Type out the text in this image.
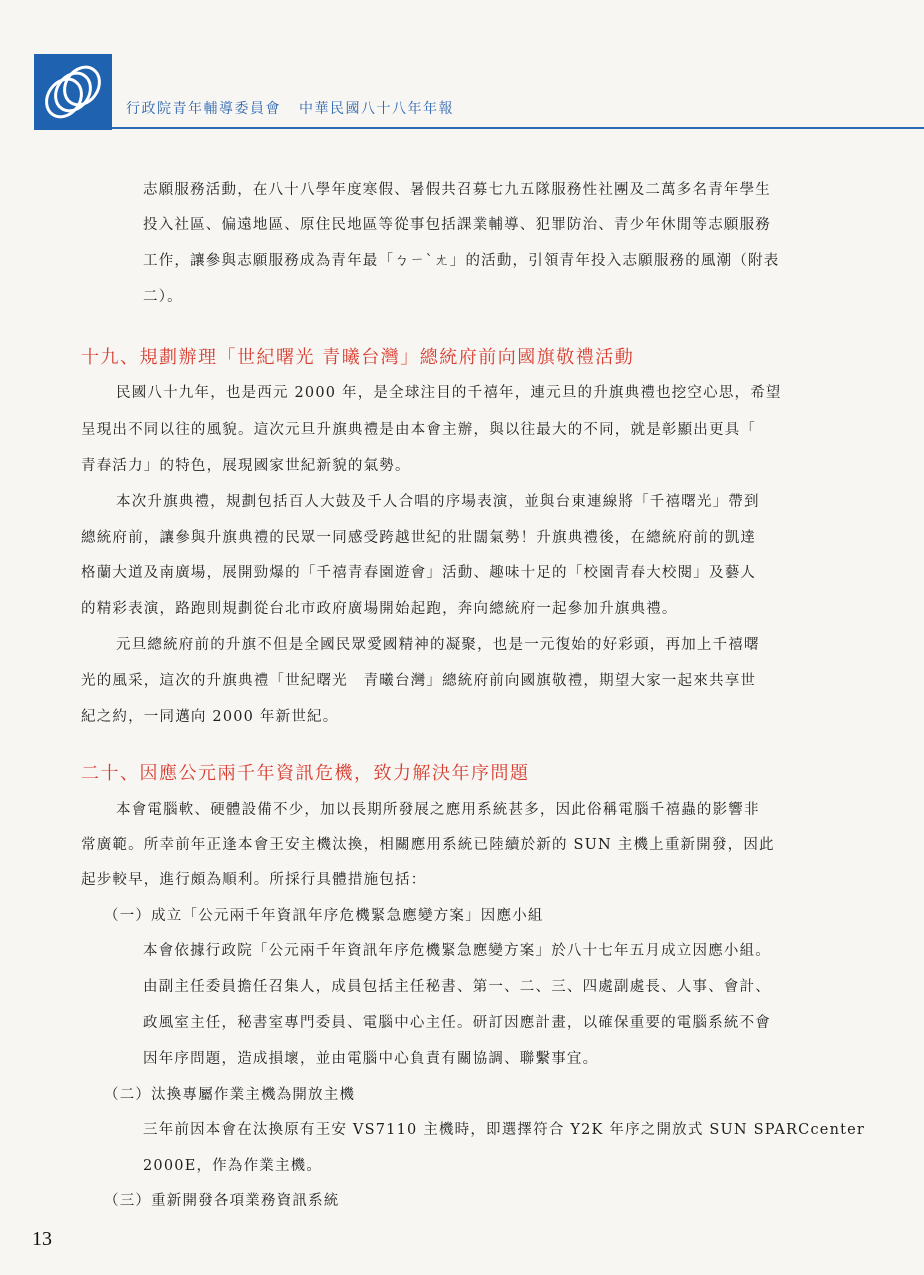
行政院青年輔導委員會 中華民國八十八年年報
志願服務活動，在八十八學年度寒假、暑假共召募七九五隊服務性社團及二萬多名青年學生
投入社區、偏遠地區、原住民地區等從事包括課業輔導、犯罪防治、青少年休閒等志願服務
工作，讓參與志願服務成為青年最「ㄅㄧˋㄤ」的活動，引領青年投入志願服務的風潮（附表
二）。
十九、規劃辦理「世紀曙光 青曦台灣」總統府前向國旗敬禮活動
民國八十九年，也是西元 2000 年，是全球注目的千禧年，連元旦的升旗典禮也挖空心思，希望
呈現出不同以往的風貌。這次元旦升旗典禮是由本會主辦，與以往最大的不同，就是彰顯出更具「
青春活力」的特色，展現國家世紀新貌的氣勢。
本次升旗典禮，規劃包括百人大鼓及千人合唱的序場表演，並與台東連線將「千禧曙光」帶到
總統府前，讓參與升旗典禮的民眾一同感受跨越世紀的壯闊氣勢！升旗典禮後，在總統府前的凱達
格蘭大道及南廣場，展開勁爆的「千禧青春園遊會」活動、趣味十足的「校園青春大校閱」及藝人
的精彩表演，路跑則規劃從台北市政府廣場開始起跑，奔向總統府一起參加升旗典禮。
元旦總統府前的升旗不但是全國民眾愛國精神的凝聚，也是一元復始的好彩頭，再加上千禧曙
光的風采，這次的升旗典禮「世紀曙光　青曦台灣」總統府前向國旗敬禮，期望大家一起來共享世
紀之約，一同邁向 2000 年新世紀。
二十、因應公元兩千年資訊危機，致力解決年序問題
本會電腦軟、硬體設備不少，加以長期所發展之應用系統甚多，因此俗稱電腦千禧蟲的影響非
常廣範。所幸前年正逢本會王安主機汰換，相關應用系統已陸續於新的 SUN 主機上重新開發，因此
起步較早，進行頗為順利。所採行具體措施包括：
（一）成立「公元兩千年資訊年序危機緊急應變方案」因應小組
本會依據行政院「公元兩千年資訊年序危機緊急應變方案」於八十七年五月成立因應小組。
由副主任委員擔任召集人，成員包括主任秘書、第一、二、三、四處副處長、人事、會計、
政風室主任，秘書室專門委員、電腦中心主任。研訂因應計畫，以確保重要的電腦系統不會
因年序問題，造成損壞，並由電腦中心負責有關協調、聯繫事宜。
（二）汰換專屬作業主機為開放主機
三年前因本會在汰換原有王安 VS7110 主機時，即選擇符合 Y2K 年序之開放式 SUN SPARCcenter
2000E，作為作業主機。
（三）重新開發各項業務資訊系統
13
